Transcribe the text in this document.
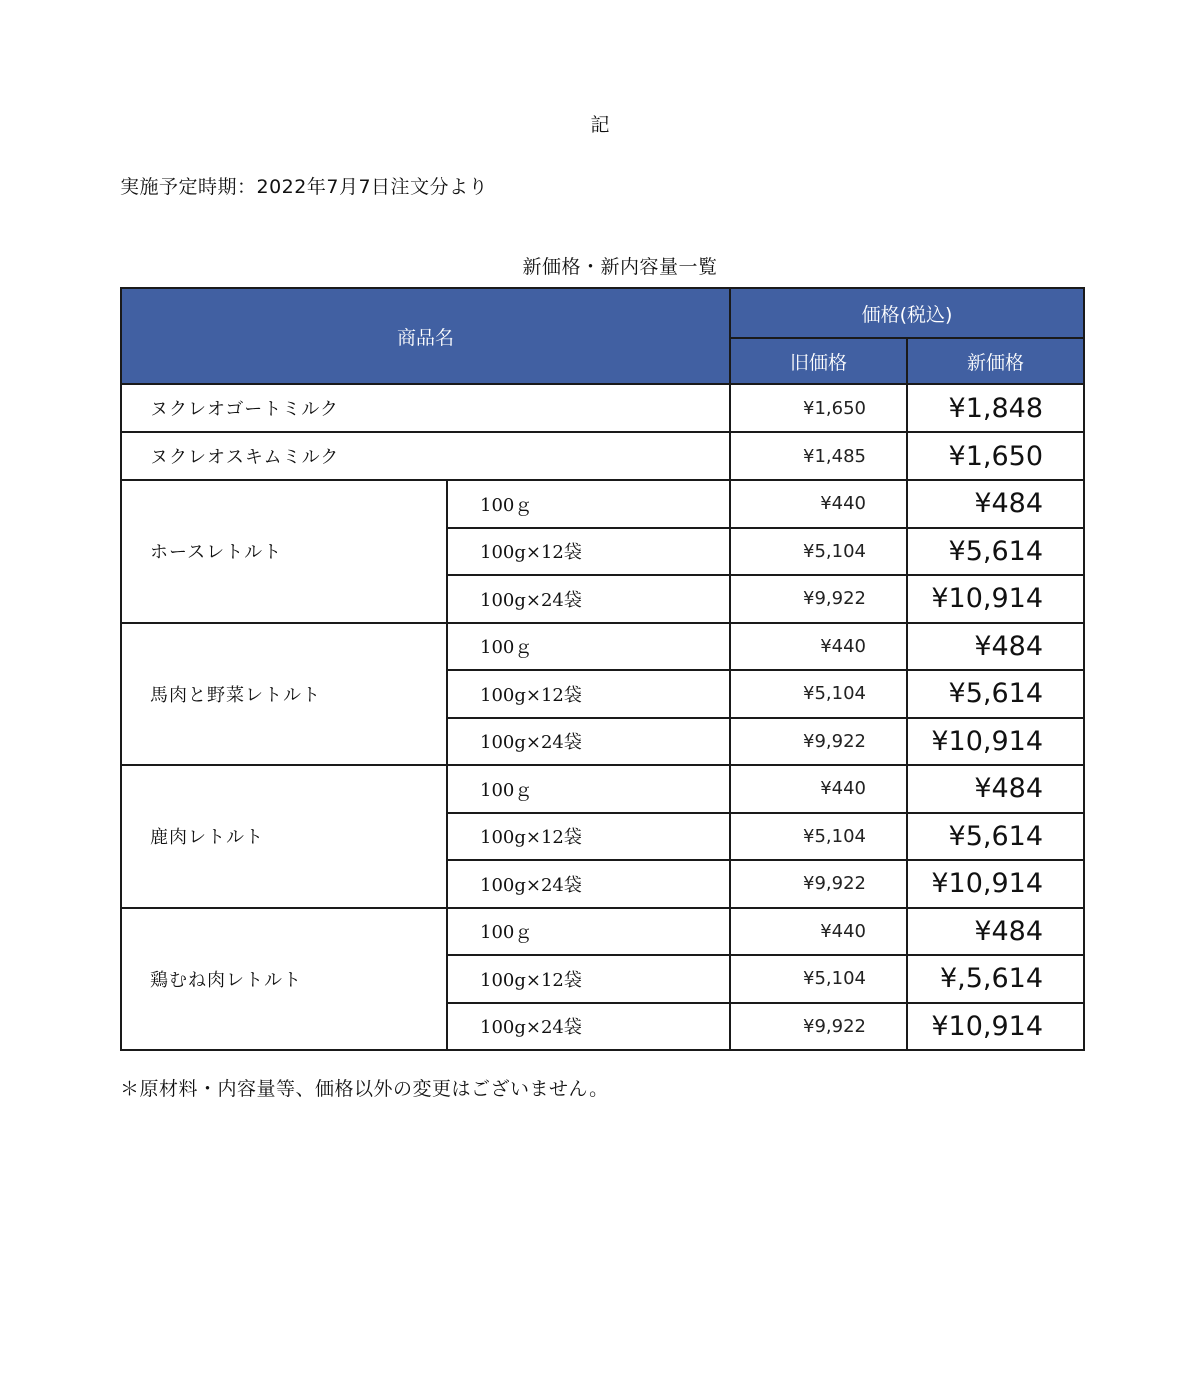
記
実施予定時期：2022年7月7日注文分より
新価格・新内容量一覧
商品名		価格(税込)	
		旧価格	新価格
ヌクレオゴートミルク		¥1,650	¥1,848
ヌクレオスキムミルク		¥1,485	¥1,650
ホースレトルト	100ｇ	¥440	¥484
	100g×12袋	¥5,104	¥5,614
	100g×24袋	¥9,922	¥10,914
馬肉と野菜レトルト	100ｇ	¥440	¥484
	100g×12袋	¥5,104	¥5,614
	100g×24袋	¥9,922	¥10,914
鹿肉レトルト	100ｇ	¥440	¥484
	100g×12袋	¥5,104	¥5,614
	100g×24袋	¥9,922	¥10,914
鶏むね肉レトルト	100ｇ	¥440	¥484
	100g×12袋	¥5,104	¥,5,614
	100g×24袋	¥9,922	¥10,914
＊原材料・内容量等、価格以外の変更はございません。
